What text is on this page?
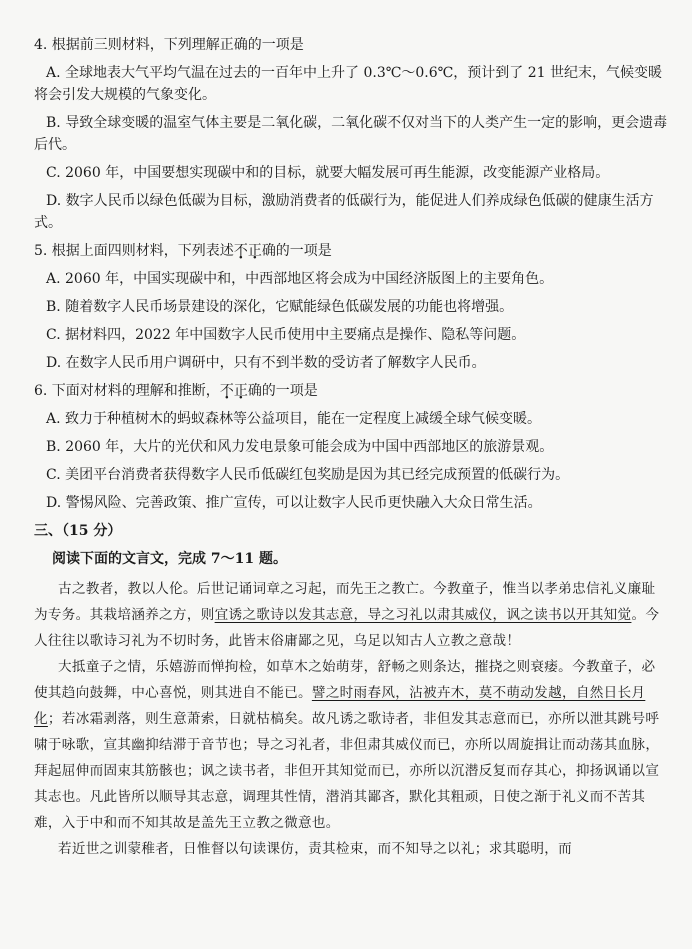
4. 根据前三则材料，下列理解正确的一项是

A. 全球地表大气平均气温在过去的一百年中上升了 0.3℃～0.6℃，预计到了 21 世纪末，气候变暖将会引发大规模的气象变化。

B. 导致全球变暖的温室气体主要是二氧化碳，二氧化碳不仅对当下的人类产生一定的影响，更会遗毒后代。

C. 2060 年，中国要想实现碳中和的目标，就要大幅发展可再生能源，改变能源产业格局。

D. 数字人民币以绿色低碳为目标，激励消费者的低碳行为，能促进人们养成绿色低碳的健康生活方式。

5. 根据上面四则材料，下列表述不正确的一项是

A. 2060 年，中国实现碳中和，中西部地区将会成为中国经济版图上的主要角色。

B. 随着数字人民币场景建设的深化，它赋能绿色低碳发展的功能也将增强。

C. 据材料四，2022 年中国数字人民币使用中主要痛点是操作、隐私等问题。

D. 在数字人民币用户调研中，只有不到半数的受访者了解数字人民币。

6. 下面对材料的理解和推断，不正确的一项是

A. 致力于种植树木的蚂蚁森林等公益项目，能在一定程度上减缓全球气候变暖。

B. 2060 年，大片的光伏和风力发电景象可能会成为中国中西部地区的旅游景观。

C. 美团平台消费者获得数字人民币低碳红包奖励是因为其已经完成预置的低碳行为。

D. 警惕风险、完善政策、推广宣传，可以让数字人民币更快融入大众日常生活。

三、（15 分）

阅读下面的文言文，完成 7～11 题。

古之教者，教以人伦。后世记诵词章之习起，而先王之教亡。今教童子，惟当以孝弟忠信礼义廉耻为专务。其栽培涵养之方，则宜诱之歌诗以发其志意，导之习礼以肃其威仪，讽之读书以开其知觉。今人往往以歌诗习礼为不切时务，此皆末俗庸鄙之见，乌足以知古人立教之意哉！

大抵童子之情，乐嬉游而惮拘检，如草木之始萌芽，舒畅之则条达，摧挠之则衰痿。今教童子，必使其趋向鼓舞，中心喜悦，则其进自不能已。譬之时雨春风，沾被卉木，莫不萌动发越，自然日长月化；若冰霜剥落，则生意萧索，日就枯槁矣。故凡诱之歌诗者，非但发其志意而已，亦所以泄其跳号呼啸于咏歌，宣其幽抑结滞于音节也；导之习礼者，非但肃其威仪而已，亦所以周旋揖让而动荡其血脉，拜起屈伸而固束其筋骸也；讽之读书者，非但开其知觉而已，亦所以沉潜反复而存其心，抑扬讽诵以宣其志也。凡此皆所以顺导其志意，调理其性情，潜消其鄙吝，默化其粗顽，日使之渐于礼义而不苦其难，入于中和而不知其故是盖先王立教之微意也。

若近世之训蒙稚者，日惟督以句读课仿，责其检束，而不知导之以礼；求其聪明，而
